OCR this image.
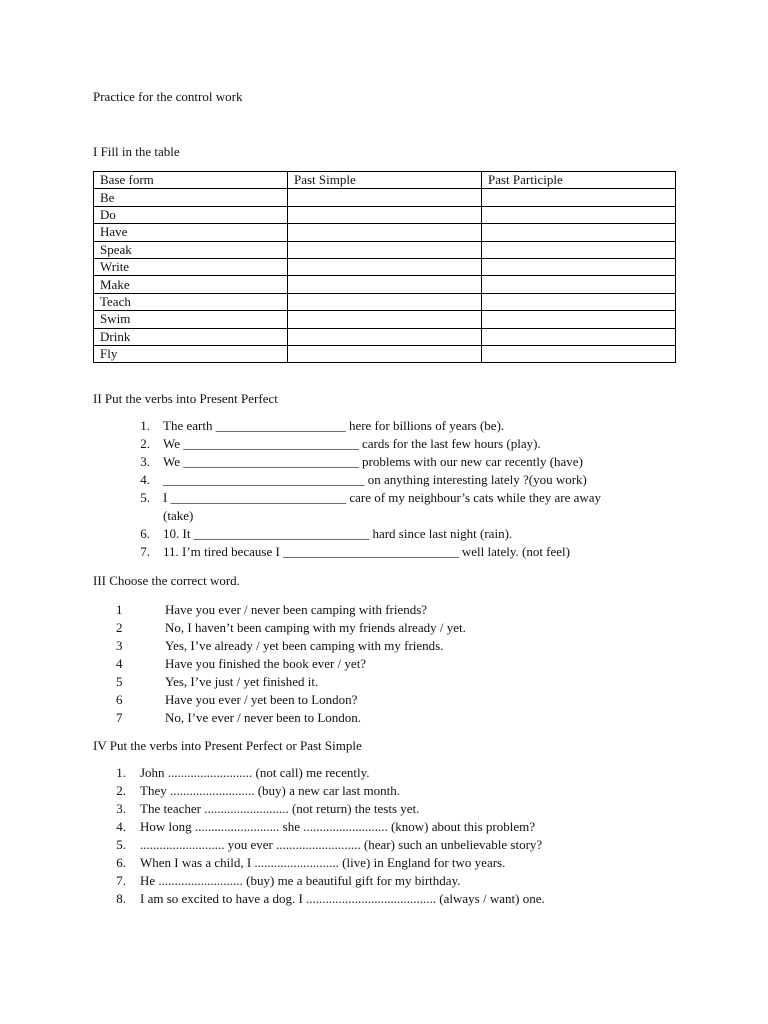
Practice for the control work
I Fill in the table
Base form	Past Simple	Past Participle
Be		
Do		
Have		
Speak		
Write		
Make		
Teach		
Swim		
Drink		
Fly		
II Put the verbs into Present Perfect
1. The earth ____________________ here for billions of years (be).
2. We ___________________________ cards for the last few hours (play).
3. We ___________________________ problems with our new car recently (have)
4. _______________________________ on anything interesting lately ?(you work)
5. I ___________________________ care of my neighbour’s cats while they are away
(take)
6. 10. It ___________________________ hard since last night (rain).
7. 11. I’m tired because I ___________________________ well lately. (not feel)
III Choose the correct word.
1	Have you ever / never been camping with friends?
2	No, I haven’t been camping with my friends already / yet.
3	Yes, I’ve already / yet been camping with my friends.
4	Have you finished the book ever / yet?
5	Yes, I’ve just / yet finished it.
6	Have you ever / yet been to London?
7	No, I’ve ever / never been to London.
IV Put the verbs into Present Perfect or Past Simple
1. John .......................... (not call) me recently.
2. They .......................... (buy) a new car last month.
3. The teacher .......................... (not return) the tests yet.
4. How long .......................... she .......................... (know) about this problem?
5. .......................... you ever .......................... (hear) such an unbelievable story?
6. When I was a child, I .......................... (live) in England for two years.
7. He .......................... (buy) me a beautiful gift for my birthday.
8. I am so excited to have a dog. I ........................................ (always / want) one.
